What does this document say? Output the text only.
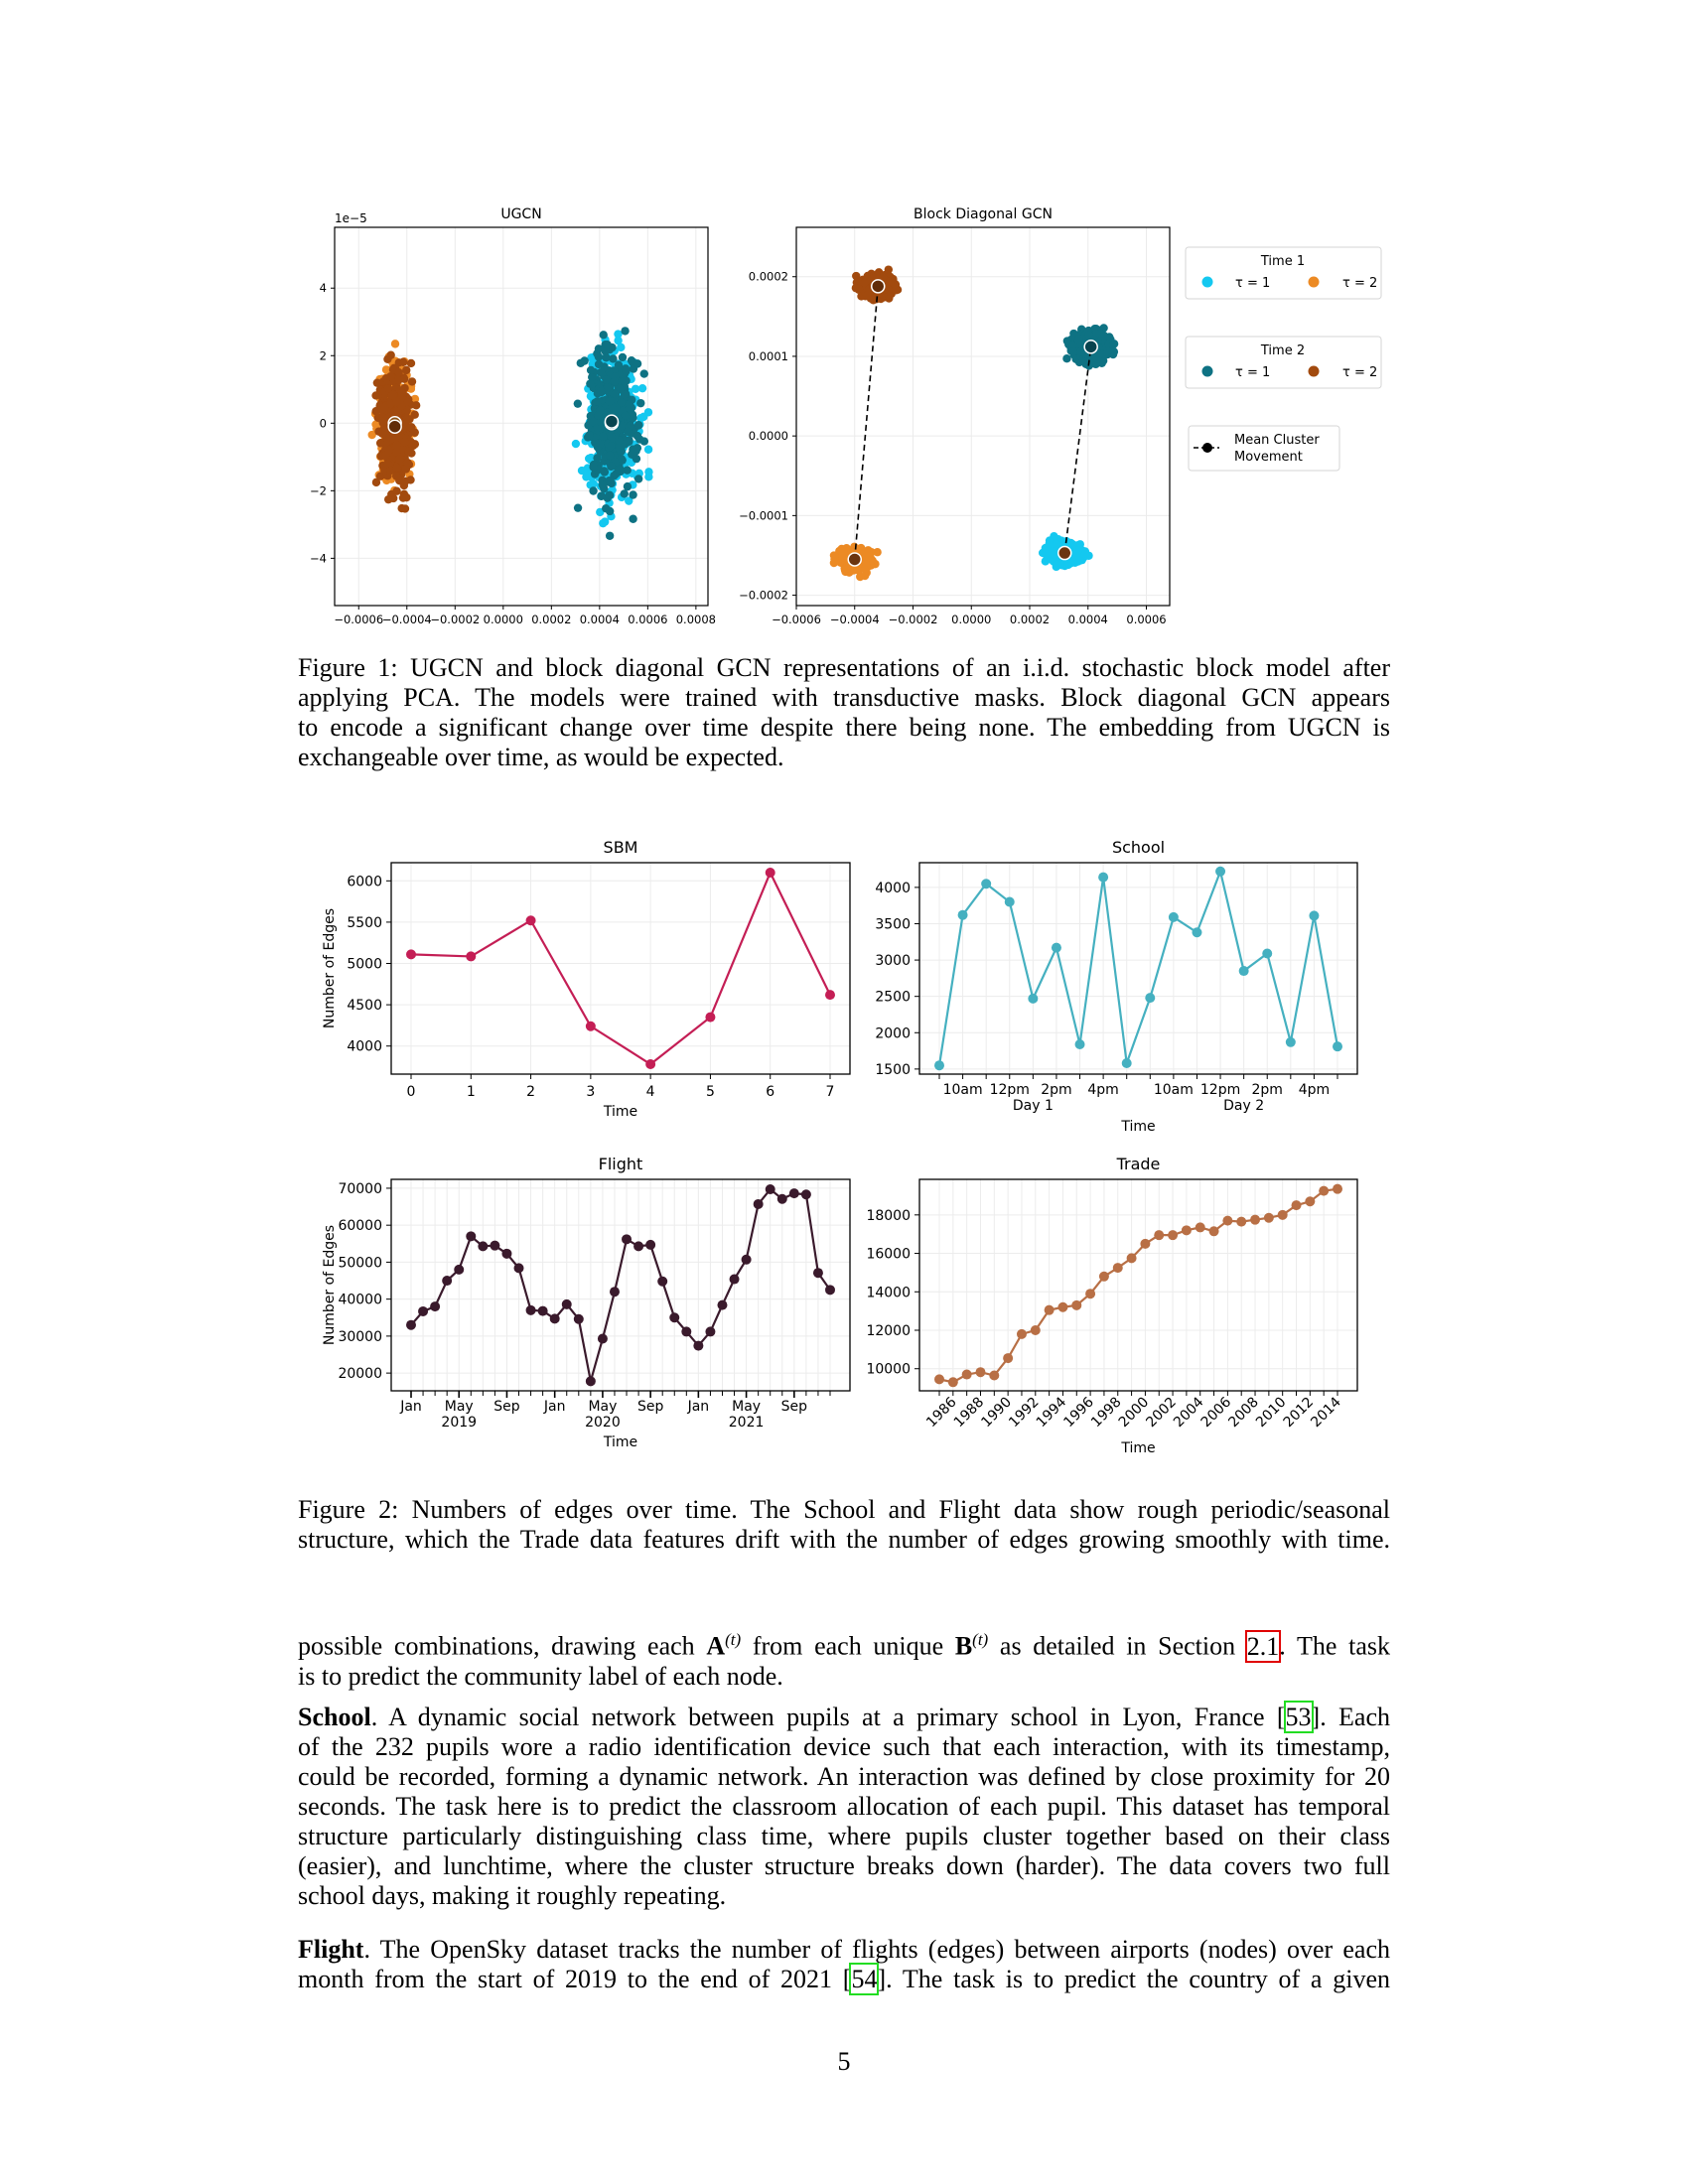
UGCN
1e−5
−0.0006
−0.0004
−0.0002 0.0000 0.0002 0.0004 0.0006 0.0008
4
2
0
−2
−4
Block Diagonal GCN
−0.0006 −0.0004 −0.0002 0.0000 0.0002 0.0004 0.0006
0.0002
0.0001
0.0000
−0.0001
−0.0002
Time 1
τ = 1	τ = 2
Time 2
τ = 1	τ = 2
Mean Cluster
Movement
Figure 1: UGCN and block diagonal GCN representations of an i.i.d. stochastic block model after
applying PCA. The models were trained with transductive masks. Block diagonal GCN appears
to encode a significant change over time despite there being none. The embedding from UGCN is
exchangeable over time, as would be expected.
SBM
4000
4500
5000
5500
6000
Number of Edges
0	1	2	3	4	5	6	7
Time
School
1500
2000
2500
3000
3500
4000
10am 12pm 2pm 4pm	10am 12pm 2pm 4pm
Day 1	Day 2
Time
Flight
20000
30000
40000
50000
60000
70000
Number of Edges
Jan May
2019
Sep Jan May
2020
Sep Jan May
2021
Sep
Time
Trade
10000
12000
14000
16000
18000
1986
1988
1990
1992
1994
1996
1998
2000
2002
2004
2006
2008
2010
2012
2014
Time
Figure 2: Numbers of edges over time. The School and Flight data show rough periodic/seasonal
structure, which the Trade data features drift with the number of edges growing smoothly with time.
possible combinations, drawing each $A^{(t)}$ from each unique $B^{(t)}$ as detailed in Section 2.1. The task
is to predict the community label of each node.
School. A dynamic social network between pupils at a primary school in Lyon, France [53]. Each
of the 232 pupils wore a radio identification device such that each interaction, with its timestamp,
could be recorded, forming a dynamic network. An interaction was defined by close proximity for 20
seconds. The task here is to predict the classroom allocation of each pupil. This dataset has temporal
structure particularly distinguishing class time, where pupils cluster together based on their class
(easier), and lunchtime, where the cluster structure breaks down (harder). The data covers two full
school days, making it roughly repeating.
Flight. The OpenSky dataset tracks the number of flights (edges) between airports (nodes) over each
month from the start of 2019 to the end of 2021 [54]. The task is to predict the country of a given
5
